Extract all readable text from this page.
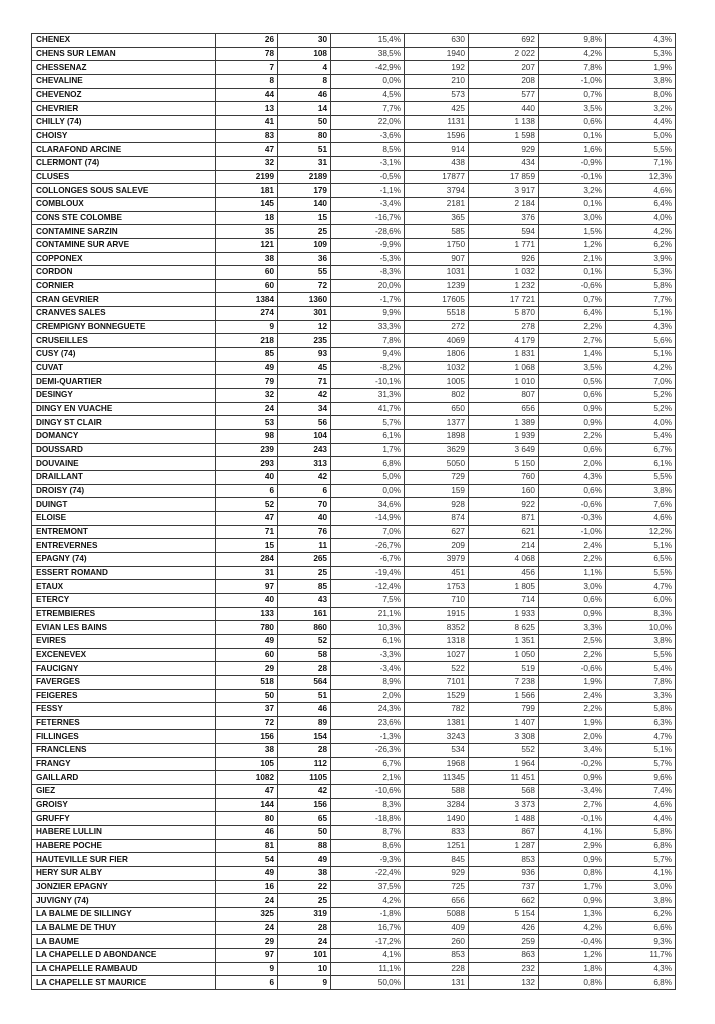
CHENEX	26	30	15,4%	630	692	9,8%	4,3%
CHENS SUR LEMAN	78	108	38,5%	1940	2 022	4,2%	5,3%
CHESSENAZ	7	4	-42,9%	192	207	7,8%	1,9%
CHEVALINE	8	8	0,0%	210	208	-1,0%	3,8%
CHEVENOZ	44	46	4,5%	573	577	0,7%	8,0%
CHEVRIER	13	14	7,7%	425	440	3,5%	3,2%
CHILLY (74)	41	50	22,0%	1131	1 138	0,6%	4,4%
CHOISY	83	80	-3,6%	1596	1 598	0,1%	5,0%
CLARAFOND ARCINE	47	51	8,5%	914	929	1,6%	5,5%
CLERMONT (74)	32	31	-3,1%	438	434	-0,9%	7,1%
CLUSES	2199	2189	-0,5%	17877	17 859	-0,1%	12,3%
COLLONGES SOUS SALEVE	181	179	-1,1%	3794	3 917	3,2%	4,6%
COMBLOUX	145	140	-3,4%	2181	2 184	0,1%	6,4%
CONS STE COLOMBE	18	15	-16,7%	365	376	3,0%	4,0%
CONTAMINE SARZIN	35	25	-28,6%	585	594	1,5%	4,2%
CONTAMINE SUR ARVE	121	109	-9,9%	1750	1 771	1,2%	6,2%
COPPONEX	38	36	-5,3%	907	926	2,1%	3,9%
CORDON	60	55	-8,3%	1031	1 032	0,1%	5,3%
CORNIER	60	72	20,0%	1239	1 232	-0,6%	5,8%
CRAN GEVRIER	1384	1360	-1,7%	17605	17 721	0,7%	7,7%
CRANVES SALES	274	301	9,9%	5518	5 870	6,4%	5,1%
CREMPIGNY BONNEGUETE	9	12	33,3%	272	278	2,2%	4,3%
CRUSEILLES	218	235	7,8%	4069	4 179	2,7%	5,6%
CUSY (74)	85	93	9,4%	1806	1 831	1,4%	5,1%
CUVAT	49	45	-8,2%	1032	1 068	3,5%	4,2%
DEMI-QUARTIER	79	71	-10,1%	1005	1 010	0,5%	7,0%
DESINGY	32	42	31,3%	802	807	0,6%	5,2%
DINGY EN VUACHE	24	34	41,7%	650	656	0,9%	5,2%
DINGY ST CLAIR	53	56	5,7%	1377	1 389	0,9%	4,0%
DOMANCY	98	104	6,1%	1898	1 939	2,2%	5,4%
DOUSSARD	239	243	1,7%	3629	3 649	0,6%	6,7%
DOUVAINE	293	313	6,8%	5050	5 150	2,0%	6,1%
DRAILLANT	40	42	5,0%	729	760	4,3%	5,5%
DROISY (74)	6	6	0,0%	159	160	0,6%	3,8%
DUINGT	52	70	34,6%	928	922	-0,6%	7,6%
ELOISE	47	40	-14,9%	874	871	-0,3%	4,6%
ENTREMONT	71	76	7,0%	627	621	-1,0%	12,2%
ENTREVERNES	15	11	-26,7%	209	214	2,4%	5,1%
EPAGNY (74)	284	265	-6,7%	3979	4 068	2,2%	6,5%
ESSERT ROMAND	31	25	-19,4%	451	456	1,1%	5,5%
ETAUX	97	85	-12,4%	1753	1 805	3,0%	4,7%
ETERCY	40	43	7,5%	710	714	0,6%	6,0%
ETREMBIERES	133	161	21,1%	1915	1 933	0,9%	8,3%
EVIAN LES BAINS	780	860	10,3%	8352	8 625	3,3%	10,0%
EVIRES	49	52	6,1%	1318	1 351	2,5%	3,8%
EXCENEVEX	60	58	-3,3%	1027	1 050	2,2%	5,5%
FAUCIGNY	29	28	-3,4%	522	519	-0,6%	5,4%
FAVERGES	518	564	8,9%	7101	7 238	1,9%	7,8%
FEIGERES	50	51	2,0%	1529	1 566	2,4%	3,3%
FESSY	37	46	24,3%	782	799	2,2%	5,8%
FETERNES	72	89	23,6%	1381	1 407	1,9%	6,3%
FILLINGES	156	154	-1,3%	3243	3 308	2,0%	4,7%
FRANCLENS	38	28	-26,3%	534	552	3,4%	5,1%
FRANGY	105	112	6,7%	1968	1 964	-0,2%	5,7%
GAILLARD	1082	1105	2,1%	11345	11 451	0,9%	9,6%
GIEZ	47	42	-10,6%	588	568	-3,4%	7,4%
GROISY	144	156	8,3%	3284	3 373	2,7%	4,6%
GRUFFY	80	65	-18,8%	1490	1 488	-0,1%	4,4%
HABERE LULLIN	46	50	8,7%	833	867	4,1%	5,8%
HABERE POCHE	81	88	8,6%	1251	1 287	2,9%	6,8%
HAUTEVILLE SUR FIER	54	49	-9,3%	845	853	0,9%	5,7%
HERY SUR ALBY	49	38	-22,4%	929	936	0,8%	4,1%
JONZIER EPAGNY	16	22	37,5%	725	737	1,7%	3,0%
JUVIGNY (74)	24	25	4,2%	656	662	0,9%	3,8%
LA BALME DE SILLINGY	325	319	-1,8%	5088	5 154	1,3%	6,2%
LA BALME DE THUY	24	28	16,7%	409	426	4,2%	6,6%
LA BAUME	29	24	-17,2%	260	259	-0,4%	9,3%
LA CHAPELLE D ABONDANCE	97	101	4,1%	853	863	1,2%	11,7%
LA CHAPELLE RAMBAUD	9	10	11,1%	228	232	1,8%	4,3%
LA CHAPELLE ST MAURICE	6	9	50,0%	131	132	0,8%	6,8%
